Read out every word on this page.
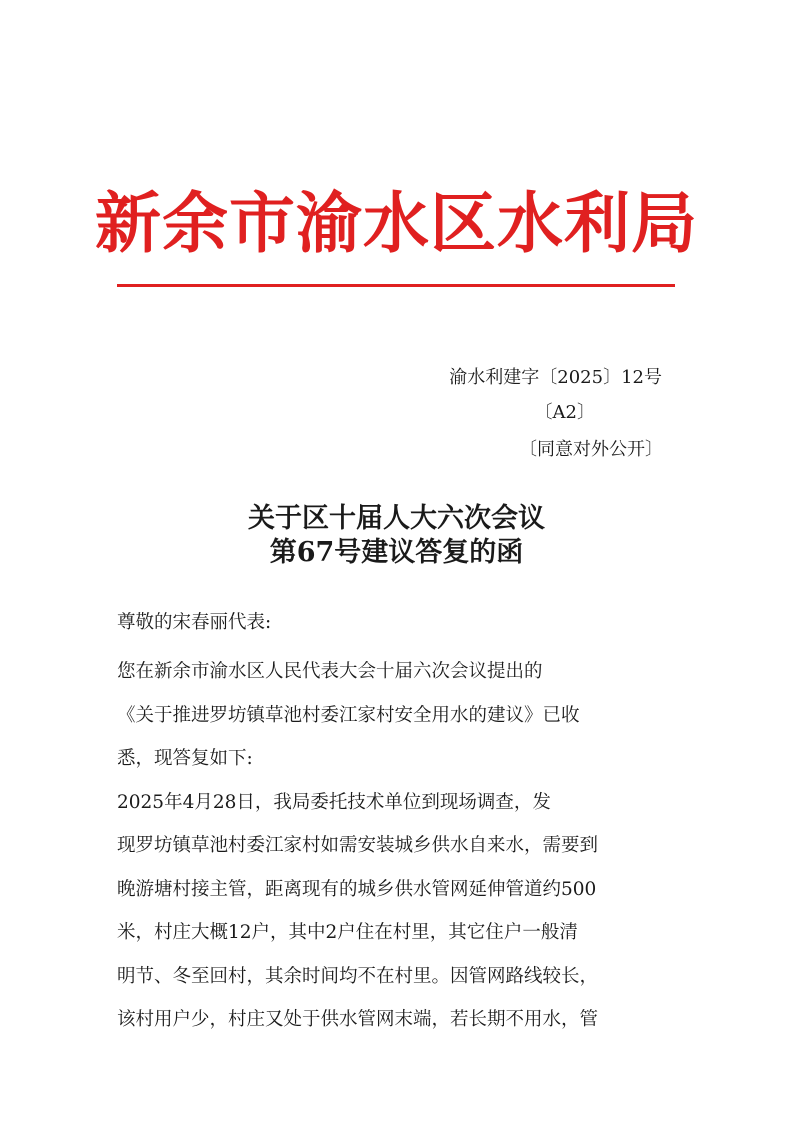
新余市渝水区水利局
渝水利建字〔2025〕12号
〔A2〕
〔同意对外公开〕
关于区十届人大六次会议
第67号建议答复的函
尊敬的宋春丽代表:
您在新余市渝水区人民代表大会十届六次会议提出的
《关于推进罗坊镇草池村委江家村安全用水的建议》已收
悉，现答复如下:
2025年4月28日，我局委托技术单位到现场调查，发
现罗坊镇草池村委江家村如需安装城乡供水自来水，需要到
晚游塘村接主管，距离现有的城乡供水管网延伸管道约500
米，村庄大概12户，其中2户住在村里，其它住户一般清
明节、冬至回村，其余时间均不在村里。因管网路线较长，
该村用户少，村庄又处于供水管网末端，若长期不用水，管
